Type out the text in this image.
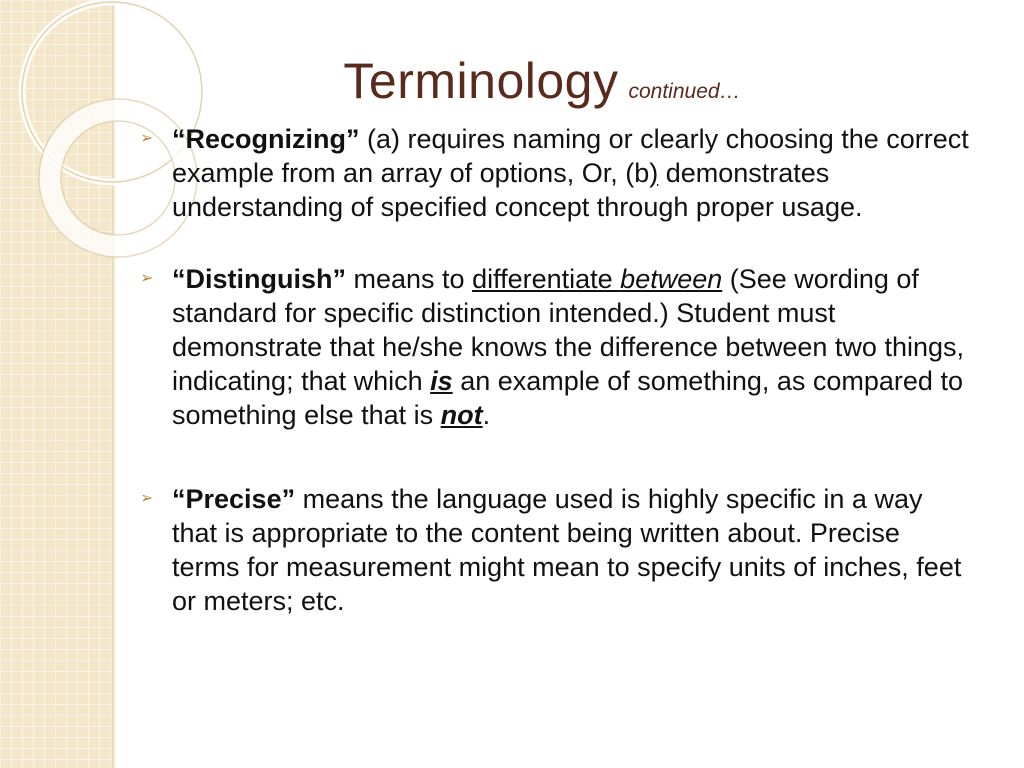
Terminology continued…
➢ “Recognizing” (a) requires naming or clearly choosing the correct example from an array of options, Or, (b) demonstrates understanding of specified concept through proper usage.
➢ “Distinguish” means to differentiate between (See wording of standard for specific distinction intended.) Student must demonstrate that he/she knows the difference between two things, indicating; that which is an example of something, as compared to something else that is not.
➢ “Precise” means the language used is highly specific in a way that is appropriate to the content being written about. Precise terms for measurement might mean to specify units of inches, feet or meters; etc.
